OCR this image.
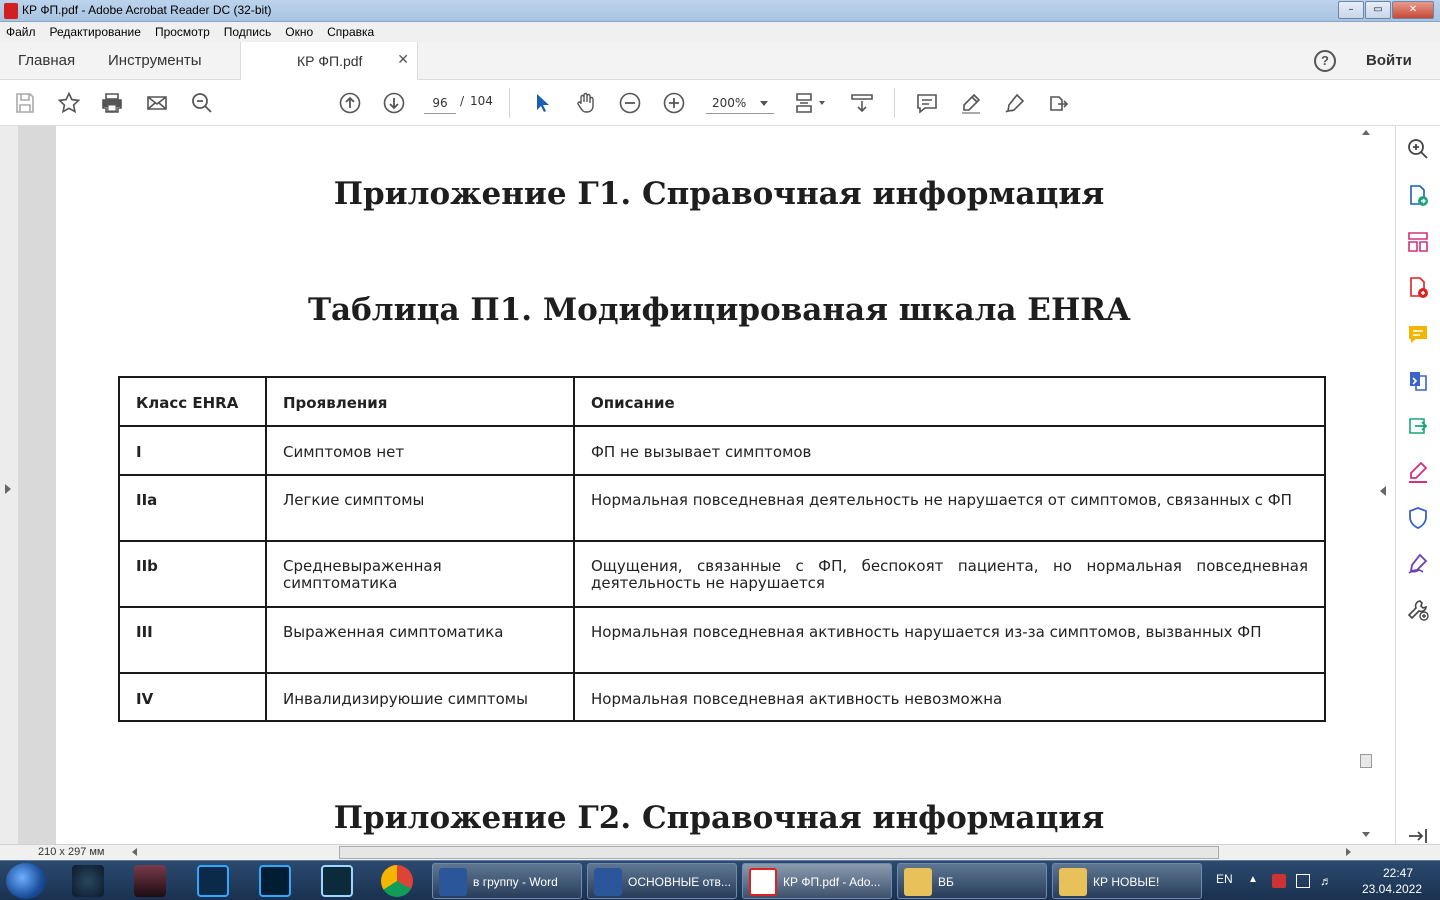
КР ФП.pdf - Adobe Acrobat Reader DC (32-bit)	–	▭	✕
Файл Редактирование Просмотр Подпись Окно Справка
Главная Инструменты	КР ФП.pdf ✕	?	Войти
96	/ 104	200%
Приложение Г1. Справочная информация
Таблица П1. Модифицированая шкала EHRA
Класс EHRA	Проявления	Описание
I	Симптомов нет	ФП не вызывает симптомов
IIa	Легкие симптомы	Нормальная повседневная деятельность не нарушается от симптомов, связанных с ФП
IIb	Средневыраженная симптоматика	Ощущения, связанные с ФП, беспокоят пациента, но нормальная повседневная деятельность не нарушается
III	Выраженная симптоматика	Нормальная повседневная активность нарушается из-за симптомов, вызванных ФП
IV	Инвалидизируюшие симптомы	Нормальная повседневная активность невозможна
Приложение Г2. Справочная информация
210 x 297 мм
в группу - Word	ОСНОВНЫЕ отв...	КР ФП.pdf - Ado...	ВБ	КР НОВЫЕ!	EN ▲	♬
22:47
23.04.2022
